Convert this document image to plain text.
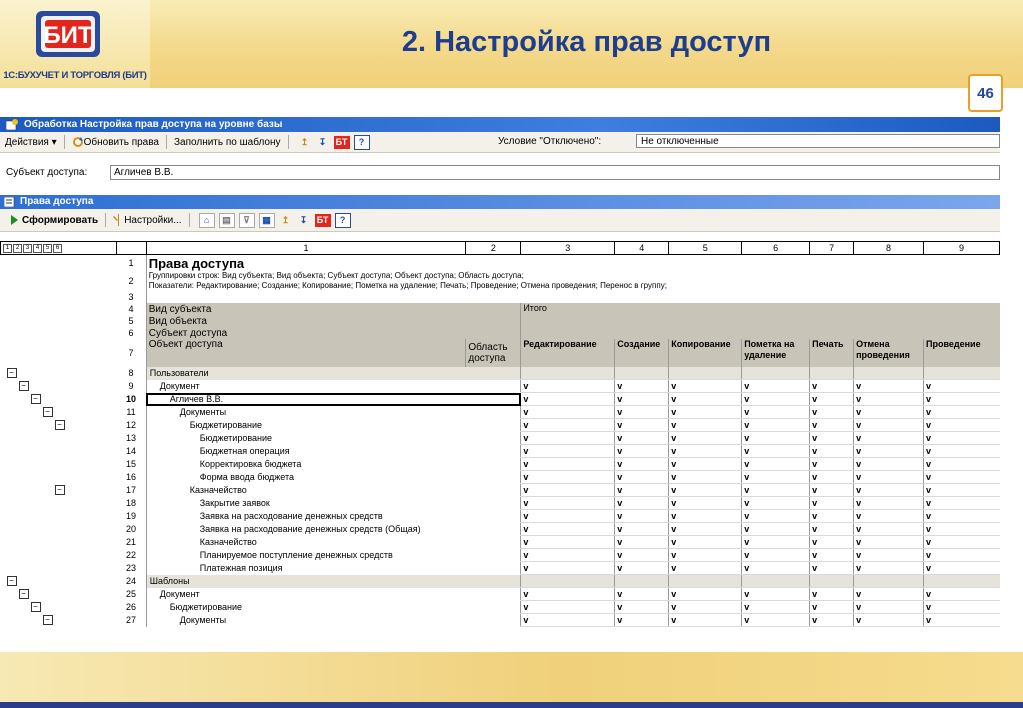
БИТ
1С:БУХУЧЕТ И ТОРГОВЛЯ (БИТ)
2. Настройка прав доступ
46
Обработка Настройка прав доступа на уровне базы
Действия ▾	Обновить права Заполнить по шаблону	↥	↧	БТ	?	Условие "Отключено":	Не отключенные
Субъект доступа:	Агличев В.В.
Права доступа
Сформировать	Настройки...	⌂	▤	⊽	▦	↥	↧	БТ	?
1 2 3 4 5 6		1	2	3	4	5	6	7	8	9
	1	Права доступа								
	2	Группировки строк: Вид субъекта; Вид объекта; Субъект доступа; Объект доступа; Область доступа;
Показатели: Редактирование; Создание; Копирование; Пометка на удаление; Печать; Проведение; Отмена проведения; Перенос в группу;								

	3									
	4	Вид субъекта		Итого						
	5	Вид объекта								
	6	Субъект доступа								
	7	Объект доступа	Область доступа	Редактирование	Создание	Копирование	Пометка на удаление	Печать	Отмена проведения	Проведение

−	8	Пользователи								

−	9	Документ		v	v	v	v	v	v	v

−	10	Агличев В.В.		v	v	v	v	v	v	v

−	11	Документы		v	v	v	v	v	v	v

−	12	Бюджетирование		v	v	v	v	v	v	v
	13	Бюджетирование		v	v	v	v	v	v	v
	14	Бюджетная операция		v	v	v	v	v	v	v
	15	Корректировка бюджета		v	v	v	v	v	v	v
	16	Форма ввода бюджета		v	v	v	v	v	v	v

−	17	Казначейство		v	v	v	v	v	v	v
	18	Закрытие заявок		v	v	v	v	v	v	v
	19	Заявка на расходование денежных средств		v	v	v	v	v	v	v
	20	Заявка на расходование денежных средств (Общая)		v	v	v	v	v	v	v
	21	Казначейство		v	v	v	v	v	v	v
	22	Планируемое поступление денежных средств		v	v	v	v	v	v	v
	23	Платежная позиция		v	v	v	v	v	v	v

−	24	Шаблоны								

−	25	Документ		v	v	v	v	v	v	v

−	26	Бюджетирование		v	v	v	v	v	v	v

−	27	Документы		v	v	v	v	v	v	v
